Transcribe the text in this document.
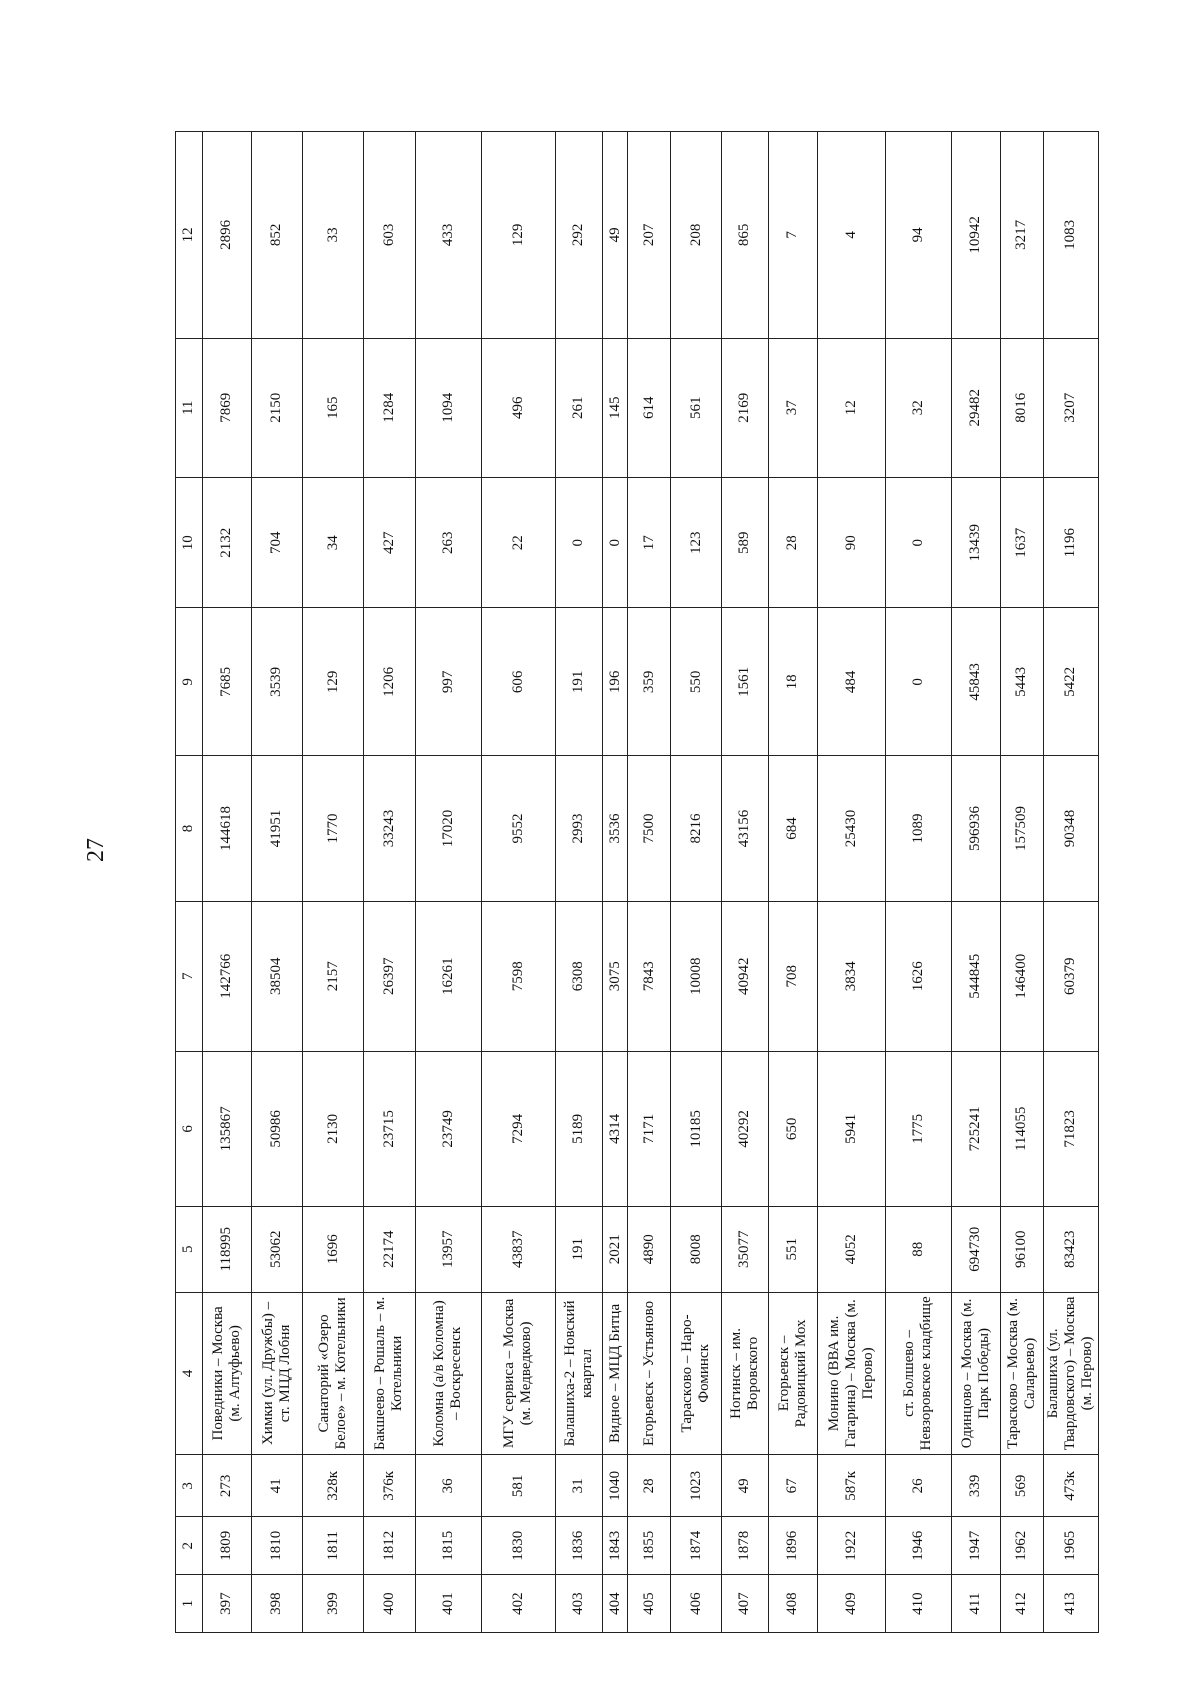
27
1	2	3	4	5	6	7	8	9	10	11	12
397	1809	273	Поведники – Москва (м. Алтуфьево)	118995	135867	142766	144618	7685	2132	7869	2896
398	1810	41	Химки (ул. Дружбы) – ст. МЦД Лобня	53062	50986	38504	41951	3539	704	2150	852
399	1811	328к	Санаторий «Озеро Белое» – м. Котельники	1696	2130	2157	1770	129	34	165	33
400	1812	376к	Бакшеево – Рошаль – м. Котельники	22174	23715	26397	33243	1206	427	1284	603
401	1815	36	Коломна (а/в Коломна) – Воскресенск	13957	23749	16261	17020	997	263	1094	433
402	1830	581	МГУ сервиса – Москва (м. Медведково)	43837	7294	7598	9552	606	22	496	129
403	1836	31	Балашиха-2 – Новский квартал	191	5189	6308	2993	191	0	261	292
404	1843	1040	Видное – МЦД Битца	2021	4314	3075	3536	196	0	145	49
405	1855	28	Егорьевск – Устьяново	4890	7171	7843	7500	359	17	614	207
406	1874	1023	Тараскoво – Наро-Фоминск	8008	10185	10008	8216	550	123	561	208
407	1878	49	Ногинск – им. Воровского	35077	40292	40942	43156	1561	589	2169	865
408	1896	67	Егорьевск – Радовицкий Мох	551	650	708	684	18	28	37	7
409	1922	587к	Монино (ВВА им. Гагарина) – Москва (м. Перово)	4052	5941	3834	25430	484	90	12	4
410	1946	26	ст. Болшево – Невзоровское кладбище	88	1775	1626	1089	0	0	32	94
411	1947	339	Одинцово – Москва (м. Парк Победы)	694730	725241	544845	596936	45843	13439	29482	10942
412	1962	569	Тараскoво – Москва (м. Саларьево)	96100	114055	146400	157509	5443	1637	8016	3217
413	1965	473к	Балашиха (ул. Твардовского) – Москва (м. Перово)	83423	71823	60379	90348	5422	1196	3207	1083
